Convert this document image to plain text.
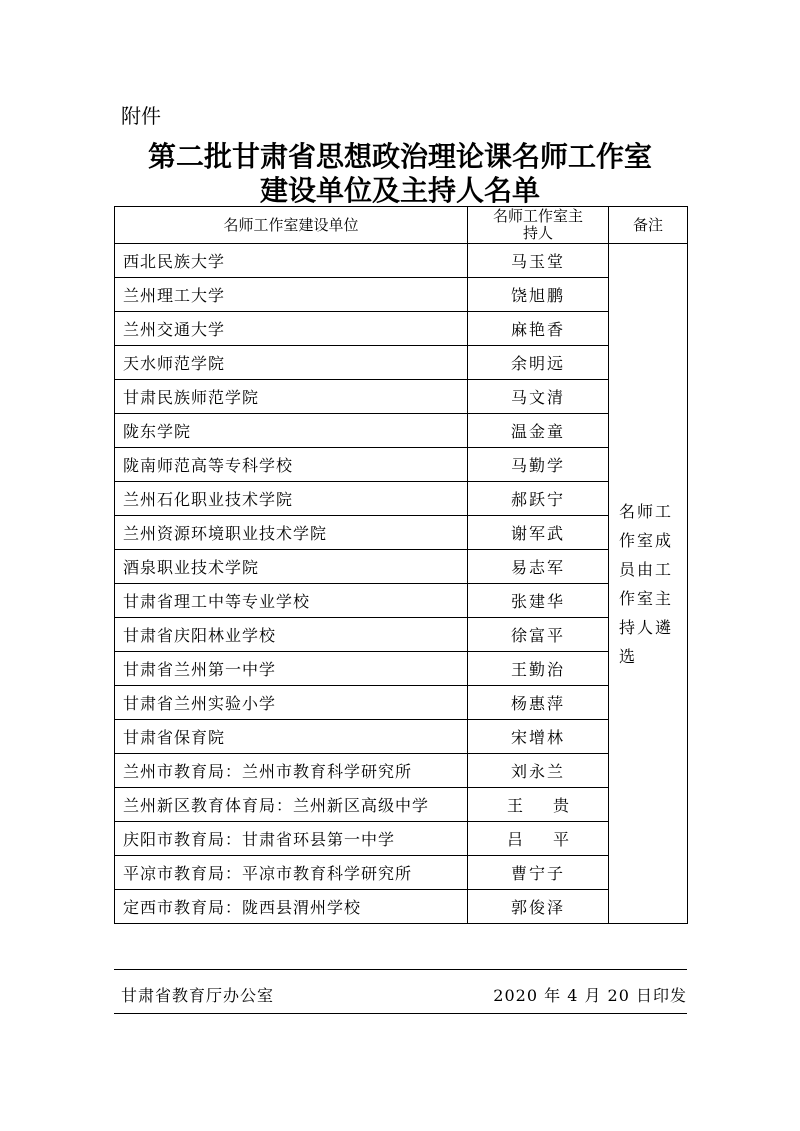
附件
第二批甘肃省思想政治理论课名师工作室
建设单位及主持人名单
名师工作室建设单位	名师工作室主持人	备注
西北民族大学	马玉堂	名师工作室成员由工作室主持人遴选
兰州理工大学	饶旭鹏	
兰州交通大学	麻艳香	
天水师范学院	余明远	
甘肃民族师范学院	马文清	
陇东学院	温金童	
陇南师范高等专科学校	马勤学	
兰州石化职业技术学院	郝跃宁	
兰州资源环境职业技术学院	谢军武	
酒泉职业技术学院	易志军	
甘肃省理工中等专业学校	张建华	
甘肃省庆阳林业学校	徐富平	
甘肃省兰州第一中学	王勤治	
甘肃省兰州实验小学	杨惠萍	
甘肃省保育院	宋增林	
兰州市教育局：兰州市教育科学研究所	刘永兰	
兰州新区教育体育局：兰州新区高级中学	王贵	
庆阳市教育局：甘肃省环县第一中学	吕平	
平凉市教育局：平凉市教育科学研究所	曹宁子	
定西市教育局：陇西县渭州学校	郭俊泽	
甘肃省教育厅办公室	2020 年 4 月 20 日印发
